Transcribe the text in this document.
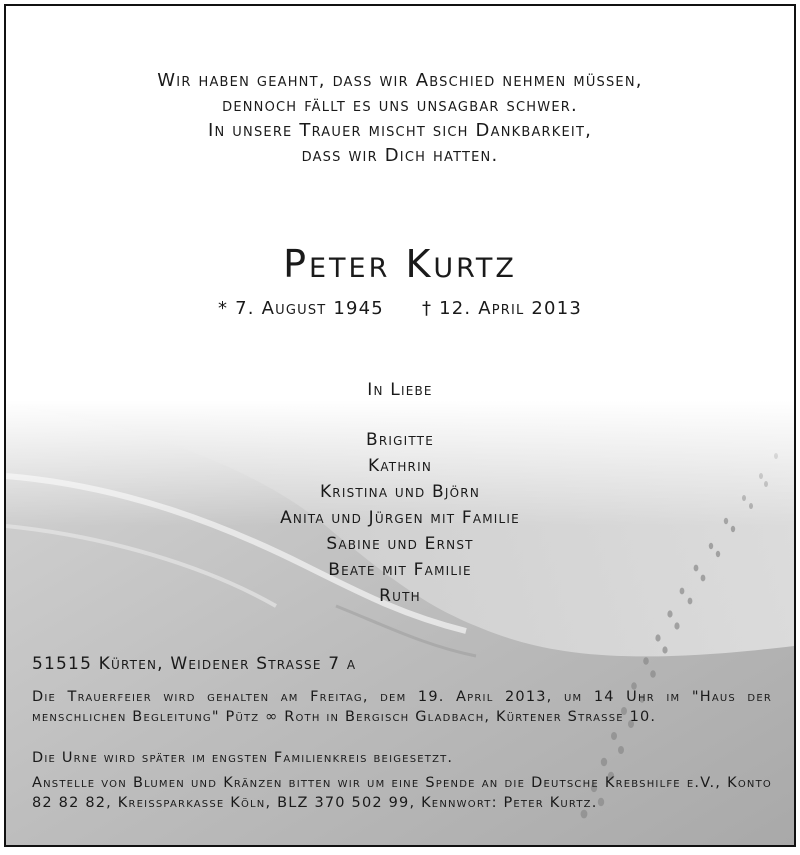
Wir haben geahnt, dass wir Abschied nehmen müssen,
dennoch fällt es uns unsagbar schwer.
In unsere Trauer mischt sich Dankbarkeit,
dass wir Dich hatten.
Peter Kurtz
* 7. August 1945 † 12. April 2013
In Liebe
Brigitte
Kathrin
Kristina und Björn
Anita und Jürgen mit Familie
Sabine und Ernst
Beate mit Familie
Ruth
51515 Kürten, Weidener Strasse 7 a
Die Trauerfeier wird gehalten am Freitag, dem 19. April 2013, um 14 Uhr im "Haus der menschlichen Begleitung" Pütz ∞ Roth in Bergisch Gladbach, Kürtener Strasse 10.
Die Urne wird später im engsten Familienkreis beigesetzt.
Anstelle von Blumen und Kränzen bitten wir um eine Spende an die Deutsche Krebshilfe e.V., Konto 82 82 82, Kreissparkasse Köln, BLZ 370 502 99, Kennwort: Peter Kurtz.
